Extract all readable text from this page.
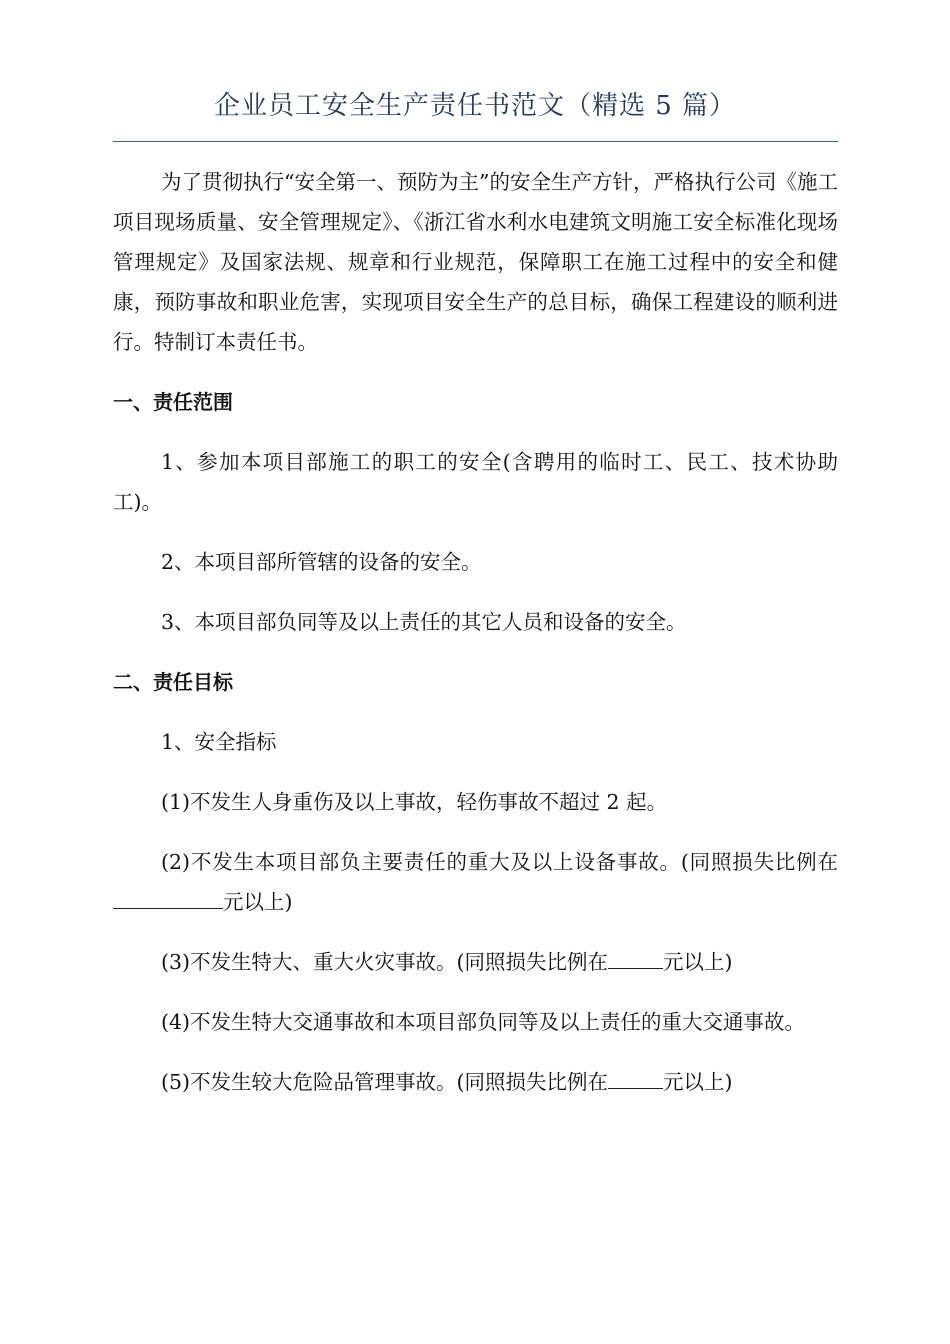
企业员工安全生产责任书范文（精选 5 篇）

为了贯彻执行“安全第一、预防为主”的安全生产方针，严格执行公司《施工项目现场质量、安全管理规定》、《浙江省水利水电建筑文明施工安全标准化现场管理规定》及国家法规、规章和行业规范，保障职工在施工过程中的安全和健康，预防事故和职业危害，实现项目安全生产的总目标，确保工程建设的顺利进行。特制订本责任书。

一、责任范围

1、参加本项目部施工的职工的安全(含聘用的临时工、民工、技术协助工)。

2、本项目部所管辖的设备的安全。

3、本项目部负同等及以上责任的其它人员和设备的安全。

二、责任目标

1、安全指标

(1)不发生人身重伤及以上事故，轻伤事故不超过 2 起。

(2)不发生本项目部负主要责任的重大及以上设备事故。(同照损失比例在元以上)

(3)不发生特大、重大火灾事故。(同照损失比例在	元以上)

(4)不发生特大交通事故和本项目部负同等及以上责任的重大交通事故。

(5)不发生较大危险品管理事故。(同照损失比例在	元以上)
